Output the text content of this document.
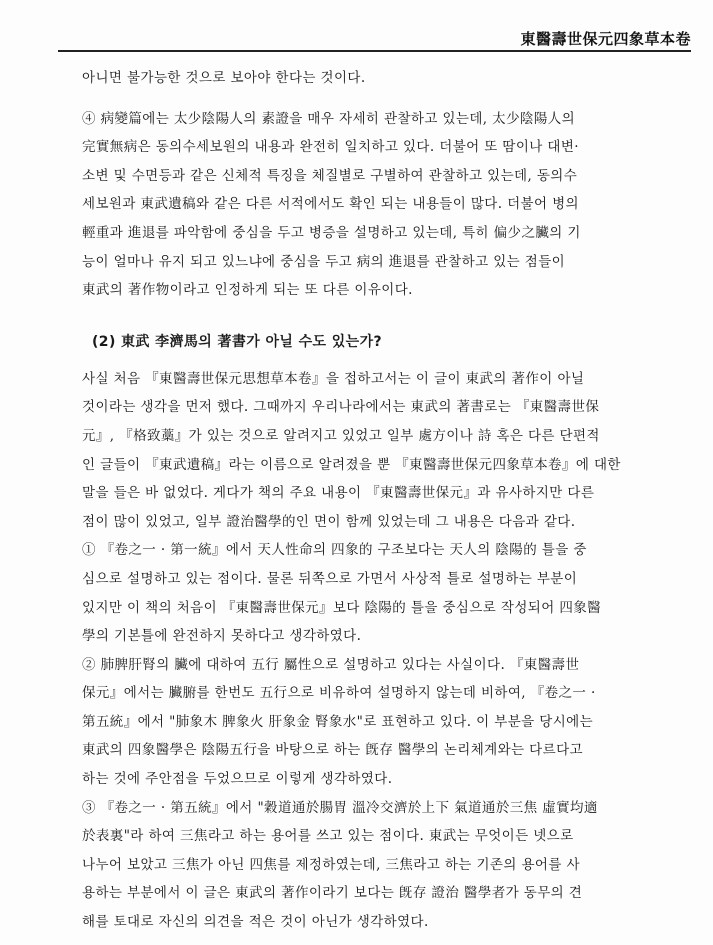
東醫壽世保元四象草本卷
아니면 불가능한 것으로 보아야 한다는 것이다.
④ 病變篇에는 太少陰陽人의 素證을 매우 자세히 관찰하고 있는데, 太少陰陽人의
完實無病은 동의수세보원의 내용과 완전히 일치하고 있다. 더불어 또 땀이나 대변·
소변 및 수면등과 같은 신체적 특징을 체질별로 구별하여 관찰하고 있는데, 동의수
세보원과 東武遺稿와 같은 다른 서적에서도 확인 되는 내용들이 많다. 더불어 병의
輕重과 進退를 파악함에 중심을 두고 병증을 설명하고 있는데, 특히 偏少之臟의 기
능이 얼마나 유지 되고 있느냐에 중심을 두고 病의 進退를 관찰하고 있는 점들이
東武의 著作物이라고 인정하게 되는 또 다른 이유이다.
(2) 東武 李濟馬의 著書가 아닐 수도 있는가?
사실 처음 『東醫壽世保元思想草本卷』을 접하고서는 이 글이 東武의 著作이 아닐
것이라는 생각을 먼저 했다. 그때까지 우리나라에서는 東武의 著書로는 『東醫壽世保
元』, 『格致藁』가 있는 것으로 알려지고 있었고 일부 處方이나 詩 혹은 다른 단편적
인 글들이 『東武遺稿』라는 이름으로 알려졌을 뿐 『東醫壽世保元四象草本卷』에 대한
말을 들은 바 없었다. 게다가 책의 주요 내용이 『東醫壽世保元』과 유사하지만 다른
점이 많이 있었고, 일부 證治醫學的인 면이 함께 있었는데 그 내용은 다음과 같다.
① 『卷之一 · 第一統』에서 天人性命의 四象的 구조보다는 天人의 陰陽的 틀을 중
심으로 설명하고 있는 점이다. 물론 뒤쪽으로 가면서 사상적 틀로 설명하는 부분이
있지만 이 책의 처음이 『東醫壽世保元』보다 陰陽的 틀을 중심으로 작성되어 四象醫
學의 기본틀에 완전하지 못하다고 생각하였다.
② 肺脾肝腎의 臟에 대하여 五行 屬性으로 설명하고 있다는 사실이다. 『東醫壽世
保元』에서는 臟腑를 한번도 五行으로 비유하여 설명하지 않는데 비하여, 『卷之一 ·
第五統』에서 "肺象木 脾象火 肝象金 腎象水"로 표현하고 있다. 이 부분을 당시에는
東武의 四象醫學은 陰陽五行을 바탕으로 하는 旣存 醫學의 논리체계와는 다르다고
하는 것에 주안점을 두었으므로 이렇게 생각하였다.
③ 『卷之一 · 第五統』에서 "穀道通於腸胃 溫冷交濟於上下 氣道通於三焦 虛實均適
於表裏"라 하여 三焦라고 하는 용어를 쓰고 있는 점이다. 東武는 무엇이든 넷으로
나누어 보았고 三焦가 아닌 四焦를 제정하였는데, 三焦라고 하는 기존의 용어를 사
용하는 부분에서 이 글은 東武의 著作이라기 보다는 旣存 證治 醫學者가 동무의 견
해를 토대로 자신의 의견을 적은 것이 아닌가 생각하였다.
